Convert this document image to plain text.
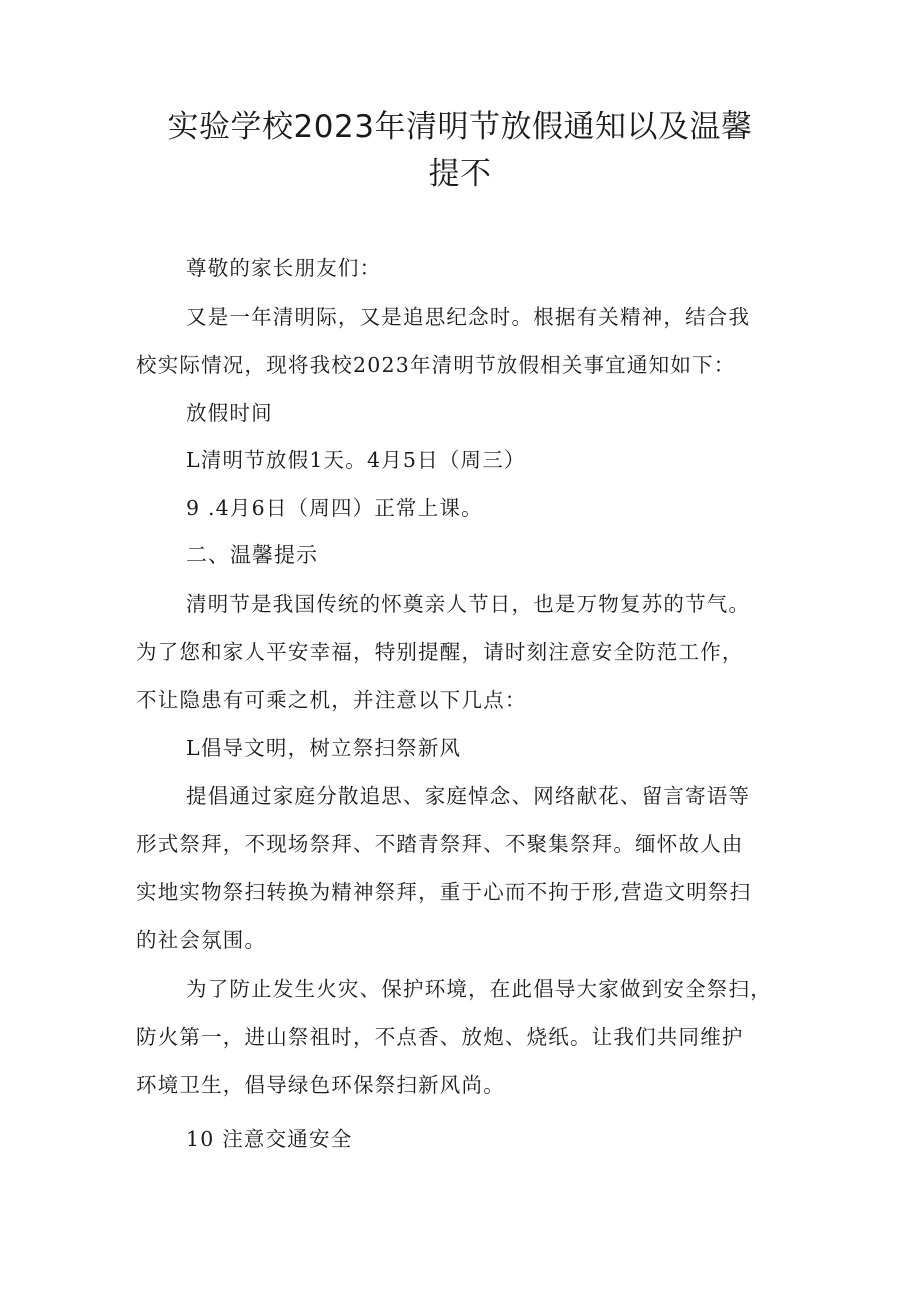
实验学校2023年清明节放假通知以及温馨
提不
尊敬的家长朋友们：
又是一年清明际，又是追思纪念时。根据有关精神，结合我
校实际情况，现将我校2023年清明节放假相关事宜通知如下：
放假时间
L清明节放假1天。4月5日（周三）
9 .4月6日（周四）正常上课。
二、温馨提示
清明节是我国传统的怀奠亲人节日，也是万物复苏的节气。
为了您和家人平安幸福，特别提醒，请时刻注意安全防范工作，
不让隐患有可乘之机，并注意以下几点：
L倡导文明，树立祭扫祭新风
提倡通过家庭分散追思、家庭悼念、网络献花、留言寄语等
形式祭拜，不现场祭拜、不踏青祭拜、不聚集祭拜。缅怀故人由
实地实物祭扫转换为精神祭拜，重于心而不拘于形,营造文明祭扫
的社会氛围。
为了防止发生火灾、保护环境，在此倡导大家做到安全祭扫，
防火第一，进山祭祖时，不点香、放炮、烧纸。让我们共同维护
环境卫生，倡导绿色环保祭扫新风尚。
10 注意交通安全
